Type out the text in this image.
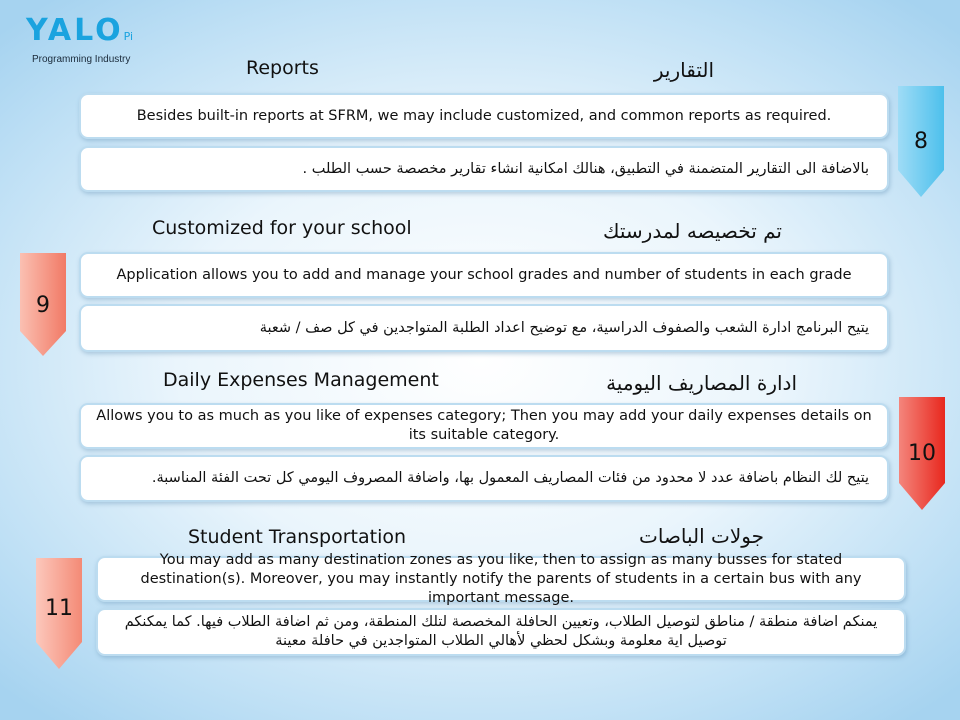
YALOPi
Programming Industry	Reports	التقارير
Besides built-in reports at SFRM, we may include customized, and common reports as required.
بالاضافة الى التقارير المتضمنة في التطبيق، هنالك امكانية انشاء تقارير مخصصة حسب الطلب .
8
Customized for your school	تم تخصيصه لمدرستك
Application allows you to add and manage your school grades and number of students in each grade
يتيح البرنامج ادارة الشعب والصفوف الدراسية، مع توضيح اعداد الطلبة المتواجدين في كل صف / شعبة
9
Daily Expenses Management	ادارة المصاريف اليومية
Allows you to as much as you like of expenses category; Then you may add your daily expenses details on its suitable category.
يتيح لك النظام باضافة عدد لا محدود من فئات المصاريف المعمول بها، واضافة المصروف اليومي كل تحت الفئة المناسبة.
10
Student Transportation	جولات الباصات
You may add as many destination zones as you like, then to assign as many busses for stated destination(s). Moreover, you may instantly notify the parents of students in a certain bus with any important message.
يمنكم اضافة منطقة / مناطق لتوصيل الطلاب، وتعيين الحافلة المخصصة لتلك المنطقة، ومن ثم اضافة الطلاب فيها. كما يمكنكم توصيل اية معلومة وبشكل لحظي لأهالي الطلاب المتواجدين في حافلة معينة
11
